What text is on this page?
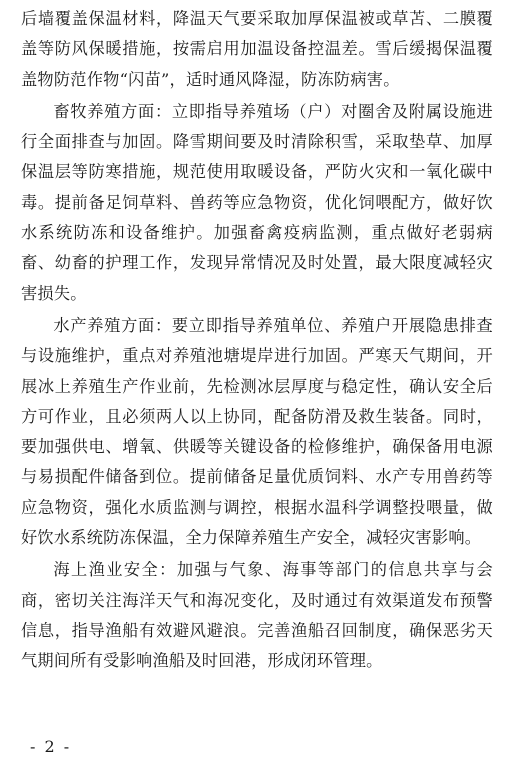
后墙覆盖保温材料，降温天气要采取加厚保温被或草苫、二膜覆盖等防风保暖措施，按需启用加温设备控温差。雪后缓揭保温覆盖物防范作物“闪苗”，适时通风降湿，防冻防病害。

畜牧养殖方面：立即指导养殖场（户）对圈舍及附属设施进行全面排查与加固。降雪期间要及时清除积雪，采取垫草、加厚保温层等防寒措施，规范使用取暖设备，严防火灾和一氧化碳中毒。提前备足饲草料、兽药等应急物资，优化饲喂配方，做好饮水系统防冻和设备维护。加强畜禽疫病监测，重点做好老弱病畜、幼畜的护理工作，发现异常情况及时处置，最大限度减轻灾害损失。

水产养殖方面：要立即指导养殖单位、养殖户开展隐患排查与设施维护，重点对养殖池塘堤岸进行加固。严寒天气期间，开展冰上养殖生产作业前，先检测冰层厚度与稳定性，确认安全后方可作业，且必须两人以上协同，配备防滑及救生装备。同时，要加强供电、增氧、供暖等关键设备的检修维护，确保备用电源与易损配件储备到位。提前储备足量优质饲料、水产专用兽药等应急物资，强化水质监测与调控，根据水温科学调整投喂量，做好饮水系统防冻保温，全力保障养殖生产安全，减轻灾害影响。

海上渔业安全：加强与气象、海事等部门的信息共享与会商，密切关注海洋天气和海况变化，及时通过有效渠道发布预警信息，指导渔船有效避风避浪。完善渔船召回制度，确保恶劣天气期间所有受影响渔船及时回港，形成闭环管理。

- 2 -
